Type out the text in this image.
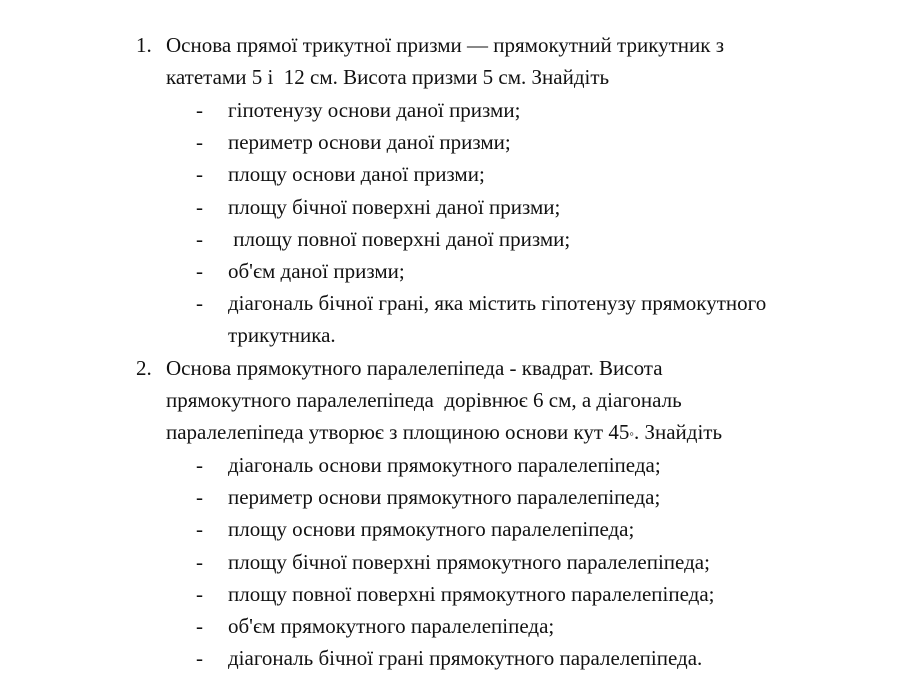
1. Основа прямої трикутної призми — прямокутний трикутник з
катетами 5 і  12 см. Висота призми 5 см. Знайдіть
- гіпотенузу основи даної призми;
- периметр основи даної призми;
- площу основи даної призми;
- площу бічної поверхні даної призми;
- площу повної поверхні даної призми;
- об'єм даної призми;
- діагональ бічної грані, яка містить гіпотенузу прямокутного
трикутника.
2. Основа прямокутного паралелепіпеда - квадрат. Висота
прямокутного паралелепіпеда  дорівнює 6 см, а діагональ
паралелепіпеда утворює з площиною основи кут 45◦. Знайдіть
- діагональ основи прямокутного паралелепіпеда;
- периметр основи прямокутного паралелепіпеда;
- площу основи прямокутного паралелепіпеда;
- площу бічної поверхні прямокутного паралелепіпеда;
- площу повної поверхні прямокутного паралелепіпеда;
- об'єм прямокутного паралелепіпеда;
- діагональ бічної грані прямокутного паралелепіпеда.
